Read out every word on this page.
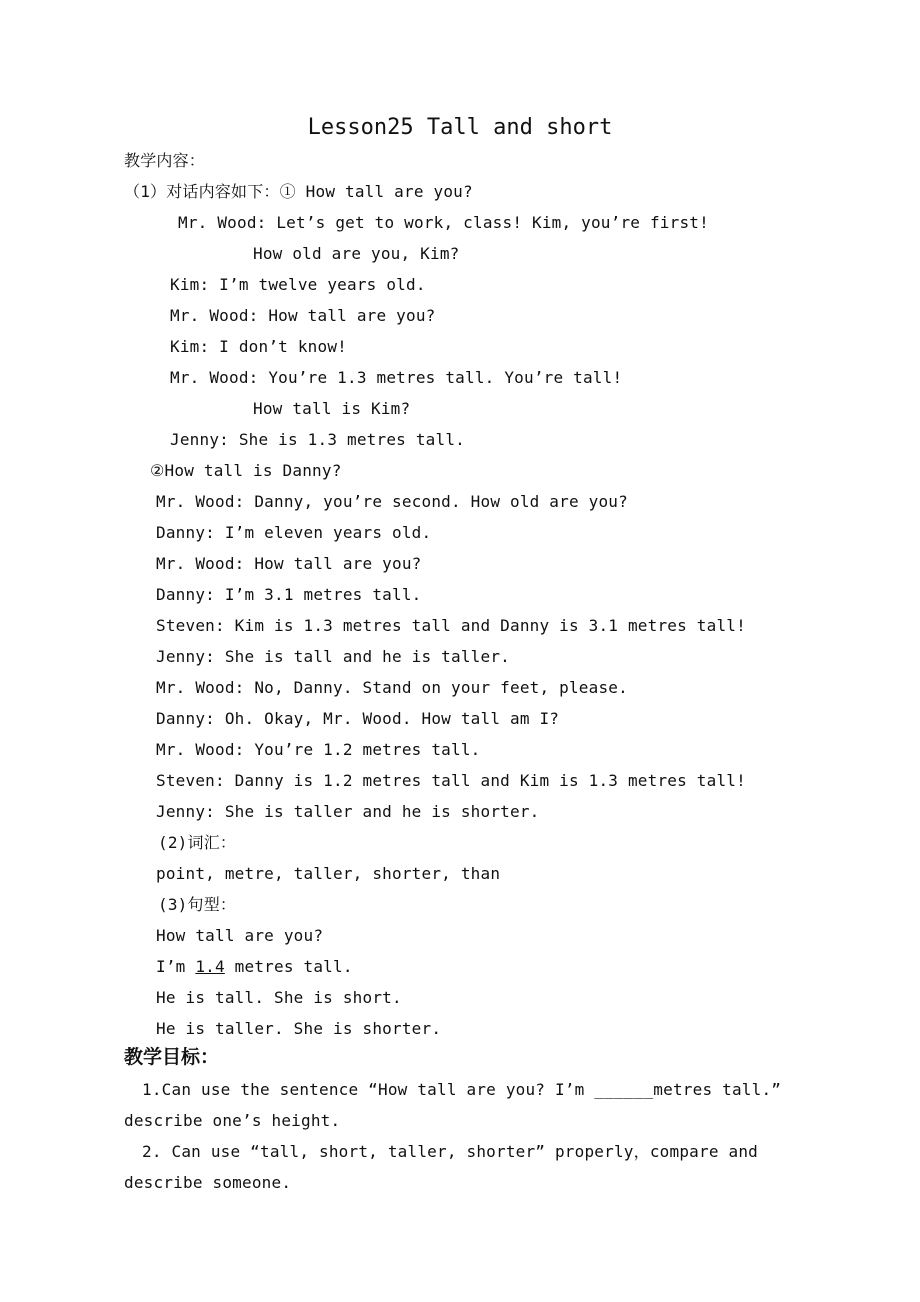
Lesson25 Tall and short
教学内容：
（1）对话内容如下：① How tall are you?
Mr. Wood: Let’s get to work, class! Kim, you’re first!
How old are you, Kim?
Kim: I’m twelve years old.
Mr. Wood: How tall are you?
Kim: I don’t know!
Mr. Wood: You’re 1.3 metres tall. You’re tall!
How tall is Kim?
Jenny: She is 1.3 metres tall.
②How tall is Danny?
Mr. Wood: Danny, you’re second. How old are you?
Danny: I’m eleven years old.
Mr. Wood: How tall are you?
Danny: I’m 3.1 metres tall.
Steven: Kim is 1.3 metres tall and Danny is 3.1 metres tall!
Jenny: She is tall and he is taller.
Mr. Wood: No, Danny. Stand on your feet, please.
Danny: Oh. Okay, Mr. Wood. How tall am I?
Mr. Wood: You’re 1.2 metres tall.
Steven: Danny is 1.2 metres tall and Kim is 1.3 metres tall!
Jenny: She is taller and he is shorter.
(2)词汇：
point, metre, taller, shorter, than
(3)句型：
How tall are you?
I’m 1.4 metres tall.
He is tall. She is short.
He is taller. She is shorter.
教学目标：
1.Can use the sentence “How tall are you? I’m ______metres tall.”
describe one’s height.
2. Can use “tall, short, taller, shorter” properly，compare and
describe someone.
